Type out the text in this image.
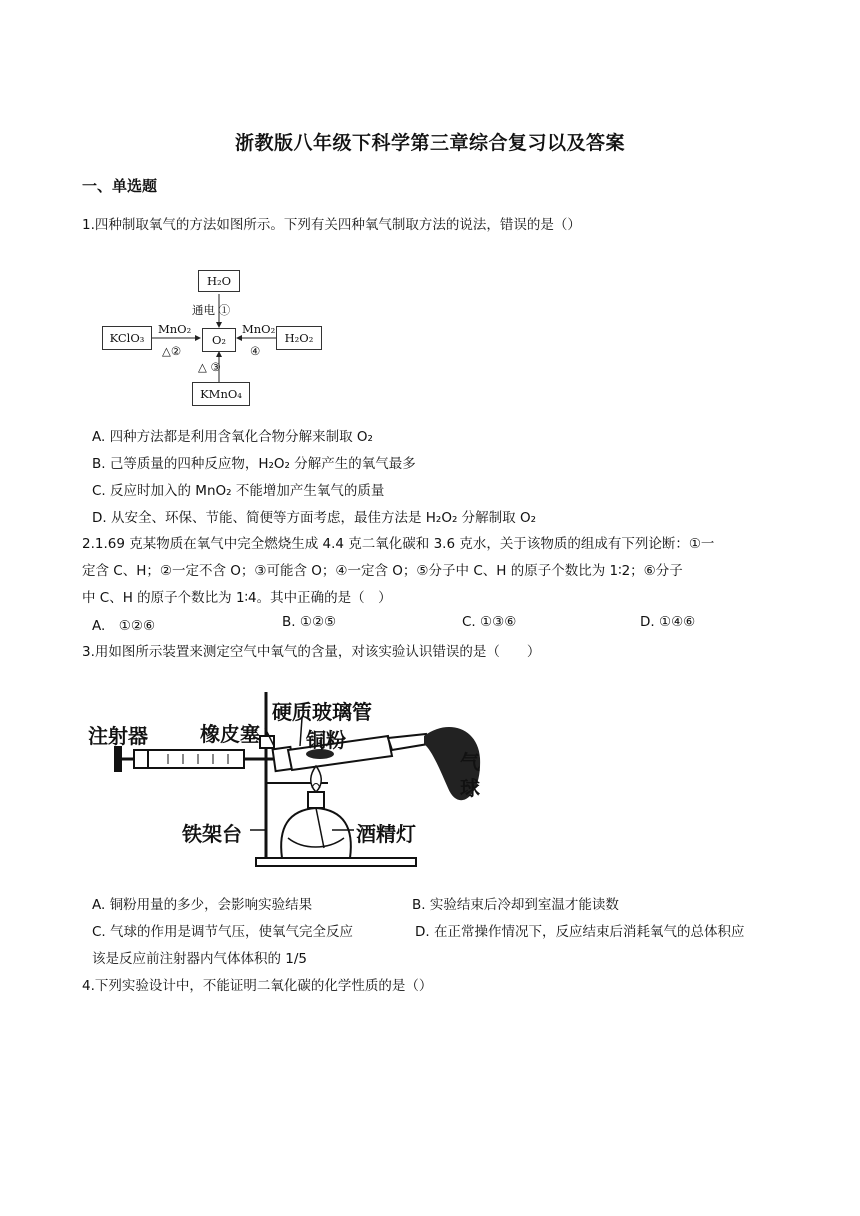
浙教版八年级下科学第三章综合复习以及答案
一、单选题
1.四种制取氧气的方法如图所示。下列有关四种氧气制取方法的说法，错误的是（）
H₂O
通电 ①
KClO₃
MnO₂
△②
O₂
MnO₂
④
H₂O₂
△ ③
KMnO₄
A. 四种方法都是利用含氧化合物分解来制取 O₂
B. 己等质量的四种反应物，H₂O₂ 分解产生的氧气最多
C. 反应时加入的 MnO₂ 不能增加产生氧气的质量
D. 从安全、环保、节能、简便等方面考虑，最佳方法是 H₂O₂ 分解制取 O₂
2.1.69 克某物质在氧气中完全燃烧生成 4.4 克二氧化碳和 3.6 克水，关于该物质的组成有下列论断：①一
定含 C、H；②一定不含 O；③可能含 O；④一定含 O；⑤分子中 C、H 的原子个数比为 1∶2；⑥分子
中 C、H 的原子个数比为 1∶4。其中正确的是（　）
A.　①②⑥	B. ①②⑤	C. ①③⑥	D. ①④⑥
3.用如图所示装置来测定空气中氧气的含量，对该实验认识错误的是（　　）
注射器	橡皮塞
硬质玻璃管
铜粉
气
球
铁架台	酒精灯
A. 铜粉用量的多少，会影响实验结果	B. 实验结束后冷却到室温才能读数
C. 气球的作用是调节气压，使氧气完全反应	D. 在正常操作情况下，反应结束后消耗氧气的总体积应
该是反应前注射器内气体体积的 1/5
4.下列实验设计中，不能证明二氧化碳的化学性质的是（）
